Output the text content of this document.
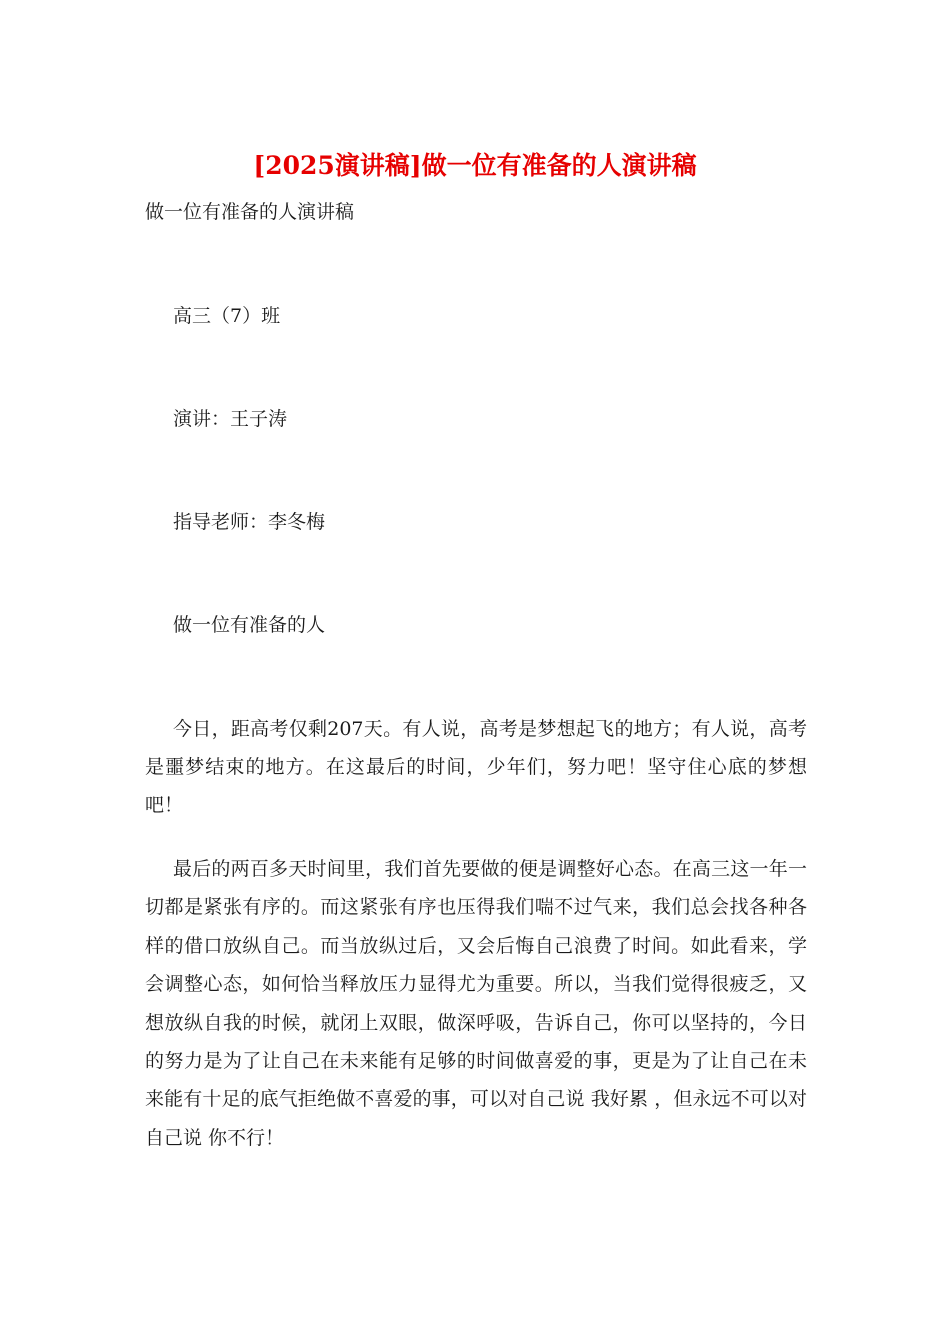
[2025演讲稿]做一位有准备的人演讲稿

做一位有准备的人演讲稿

高三（7）班

演讲：王子涛

指导老师：李冬梅

做一位有准备的人

今日，距高考仅剩207天。有人说，高考是梦想起飞的地方；有人说，高考是噩梦结束的地方。在这最后的时间，少年们，努力吧！坚守住心底的梦想吧！

最后的两百多天时间里，我们首先要做的便是调整好心态。在高三这一年一切都是紧张有序的。而这紧张有序也压得我们喘不过气来，我们总会找各种各样的借口放纵自己。而当放纵过后，又会后悔自己浪费了时间。如此看来，学会调整心态，如何恰当释放压力显得尤为重要。所以，当我们觉得很疲乏，又想放纵自我的时候，就闭上双眼，做深呼吸，告诉自己，你可以坚持的，今日的努力是为了让自己在未来能有足够的时间做喜爱的事，更是为了让自己在未来能有十足的底气拒绝做不喜爱的事，可以对自己说 我好累 ，但永远不可以对自己说 你不行！
